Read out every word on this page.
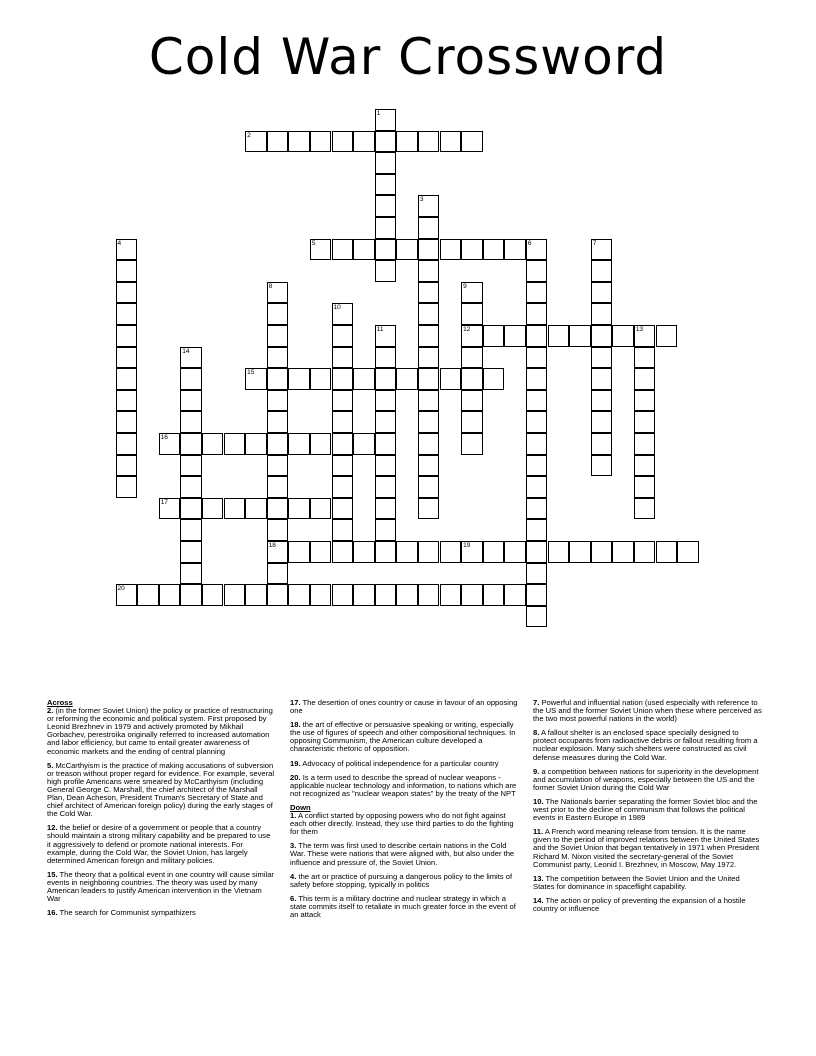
Cold War Crossword
1
2
3
4	5	6	7
8
18
9
12
10
11	13
14
15
16
17
19
20

Across

2. (in the former Soviet Union) the policy or practice of restructuring or reforming the economic and political system. First proposed by Leonid Brezhnev in 1979 and actively promoted by Mikhail Gorbachev, perestroika originally referred to increased automation and labor efficiency, but came to entail greater awareness of economic markets and the ending of central planning
5. McCarthyism is the practice of making accusations of subversion or treason without proper regard for evidence. For example, several high profile Americans were smeared by McCarthyism (including General George C. Marshall, the chief architect of the Marshall Plan, Dean Acheson, President Truman's Secretary of State and chief architect of American foreign policy) during the early stages of the Cold War.
12. the belief or desire of a government or people that a country should maintain a strong military capability and be prepared to use it aggressively to defend or promote national interests. For example, during the Cold War, the Soviet Union, has largely determined American foreign and military policies.
15. The theory that a political event in one country will cause similar events in neighboring countries. The theory was used by many American leaders to justify American intervention in the Vietnam War
16. The search for Communist sympathizers
17. The desertion of ones country or cause in favour of an opposing one
18. the art of effective or persuasive speaking or writing, especially the use of figures of speech and other compositional techniques. In opposing Communism, the American culture developed a characteristic rhetoric of opposition.
19. Advocacy of political independence for a particular country
20. Is a term used to describe the spread of nuclear weapons - applicable nuclear technology and information, to nations which are not recognized as "nuclear weapon states" by the treaty of the NPT

Down

1. A conflict started by opposing powers who do not fight against each other directly. Instead, they use third parties to do the fighting for them
3. The term was first used to describe certain nations in the Cold War. These were nations that were aligned with, but also under the influence and pressure of, the Soviet Union.
4. the art or practice of pursuing a dangerous policy to the limits of safety before stopping, typically in politics
6. This term is a military doctrine and nuclear strategy in which a state commits itself to retaliate in much greater force in the event of an attack
7. Powerful and influential nation (used especially with reference to the US and the former Soviet Union when these where perceived as the two most powerful nations in the world)
8. A fallout shelter is an enclosed space specially designed to protect occupants from radioactive debris or fallout resulting from a nuclear explosion. Many such shelters were constructed as civil defense measures during the Cold War.
9. a competition between nations for superiority in the development and accumulation of weapons, especially between the US and the former Soviet Union during the Cold War
10. The Nationals barrier separating the former Soviet bloc and the west prior to the decline of communism that follows the political events in Eastern Europe in 1989
11. A French word meaning release from tension. It is the name given to the period of improved relations between the United States and the Soviet Union that began tentatively in 1971 when President Richard M. Nixon visited the secretary-general of the Soviet Communist party, Leonid I. Brezhnev, in Moscow, May 1972.
13. The competition between the Soviet Union and the United States for dominance in spaceflight capability.
14. The action or policy of preventing the expansion of a hostile country or influence
